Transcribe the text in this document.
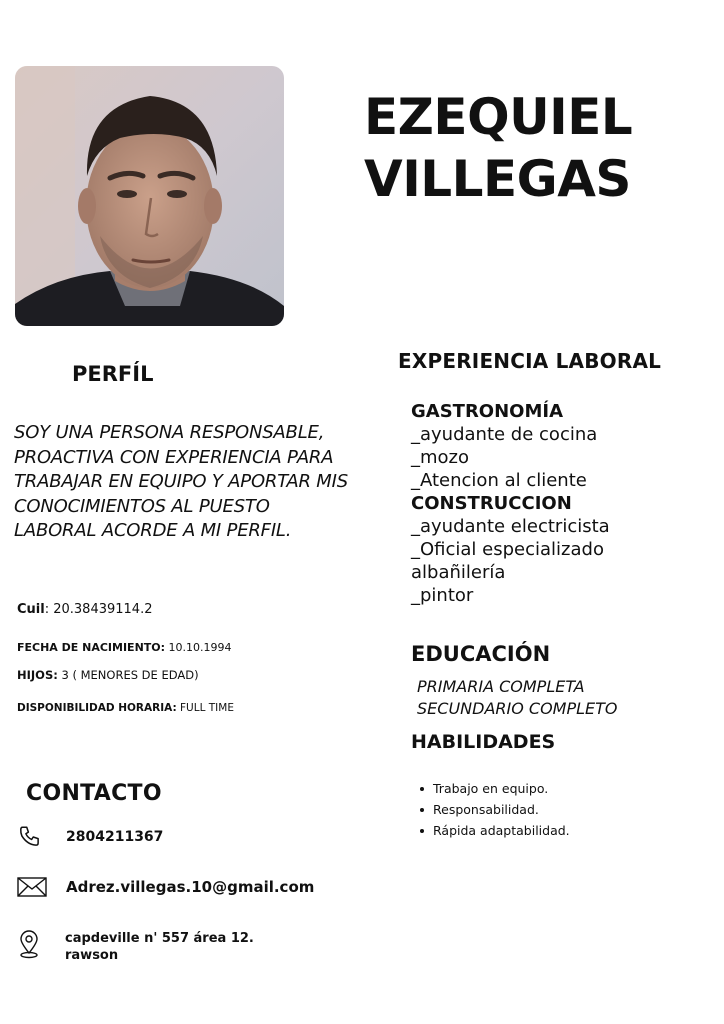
EZEQUIEL
VILLEGAS
PERFÍL
SOY UNA PERSONA RESPONSABLE, PROACTIVA CON EXPERIENCIA PARA TRABAJAR EN EQUIPO Y APORTAR MIS CONOCIMIENTOS AL PUESTO LABORAL ACORDE A MI PERFIL.
Cuil: 20.38439114.2
FECHA DE NACIMIENTO: 10.10.1994
HIJOS: 3 ( MENORES DE EDAD)
DISPONIBILIDAD HORARIA: FULL TIME
CONTACTO
2804211367
Adrez.villegas.10@gmail.com
capdeville n' 557 área 12.
rawson
EXPERIENCIA LABORAL
GASTRONOMÍA
_ayudante de cocina
_mozo
_Atencion al cliente
CONSTRUCCION
_ayudante electricista
_Oficial especializado
albañilería
_pintor
EDUCACIÓN
PRIMARIA COMPLETA
SECUNDARIO COMPLETO
HABILIDADES
Trabajo en equipo.
Responsabilidad.
Rápida adaptabilidad.
